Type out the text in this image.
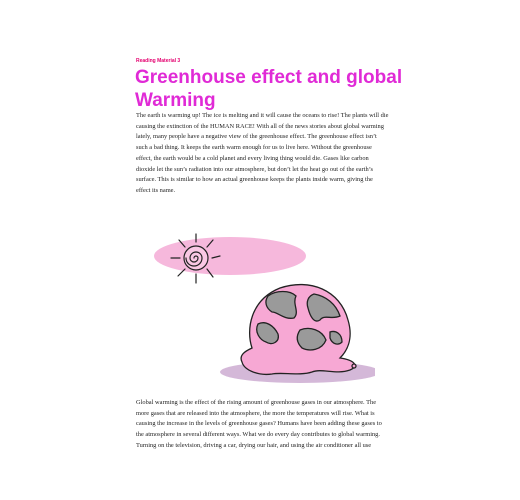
Reading Material 3
Greenhouse effect and global
Warming
The earth is warming up! The ice is melting and it will cause the oceans to rise! The plants will die
causing the extinction of the HUMAN RACE! With all of the news stories about global warming
lately, many people have a negative view of the greenhouse effect. The greenhouse effect isn’t
such a bad thing. It keeps the earth warm enough for us to live here. Without the greenhouse
effect, the earth would be a cold planet and every living thing would die. Gases like carbon
dioxide let the sun’s radiation into our atmosphere, but don’t let the heat go out of the earth’s
surface. This is similar to how an actual greenhouse keeps the plants inside warm, giving the
effect its name.
Global warming is the effect of the rising amount of greenhouse gases in our atmosphere. The
more gases that are released into the atmosphere, the more the temperatures will rise. What is
causing the increase in the levels of greenhouse gases? Humans have been adding these gases to
the atmosphere in several different ways. What we do every day contributes to global warming.
Turning on the television, driving a car, drying our hair, and using the air conditioner all use
